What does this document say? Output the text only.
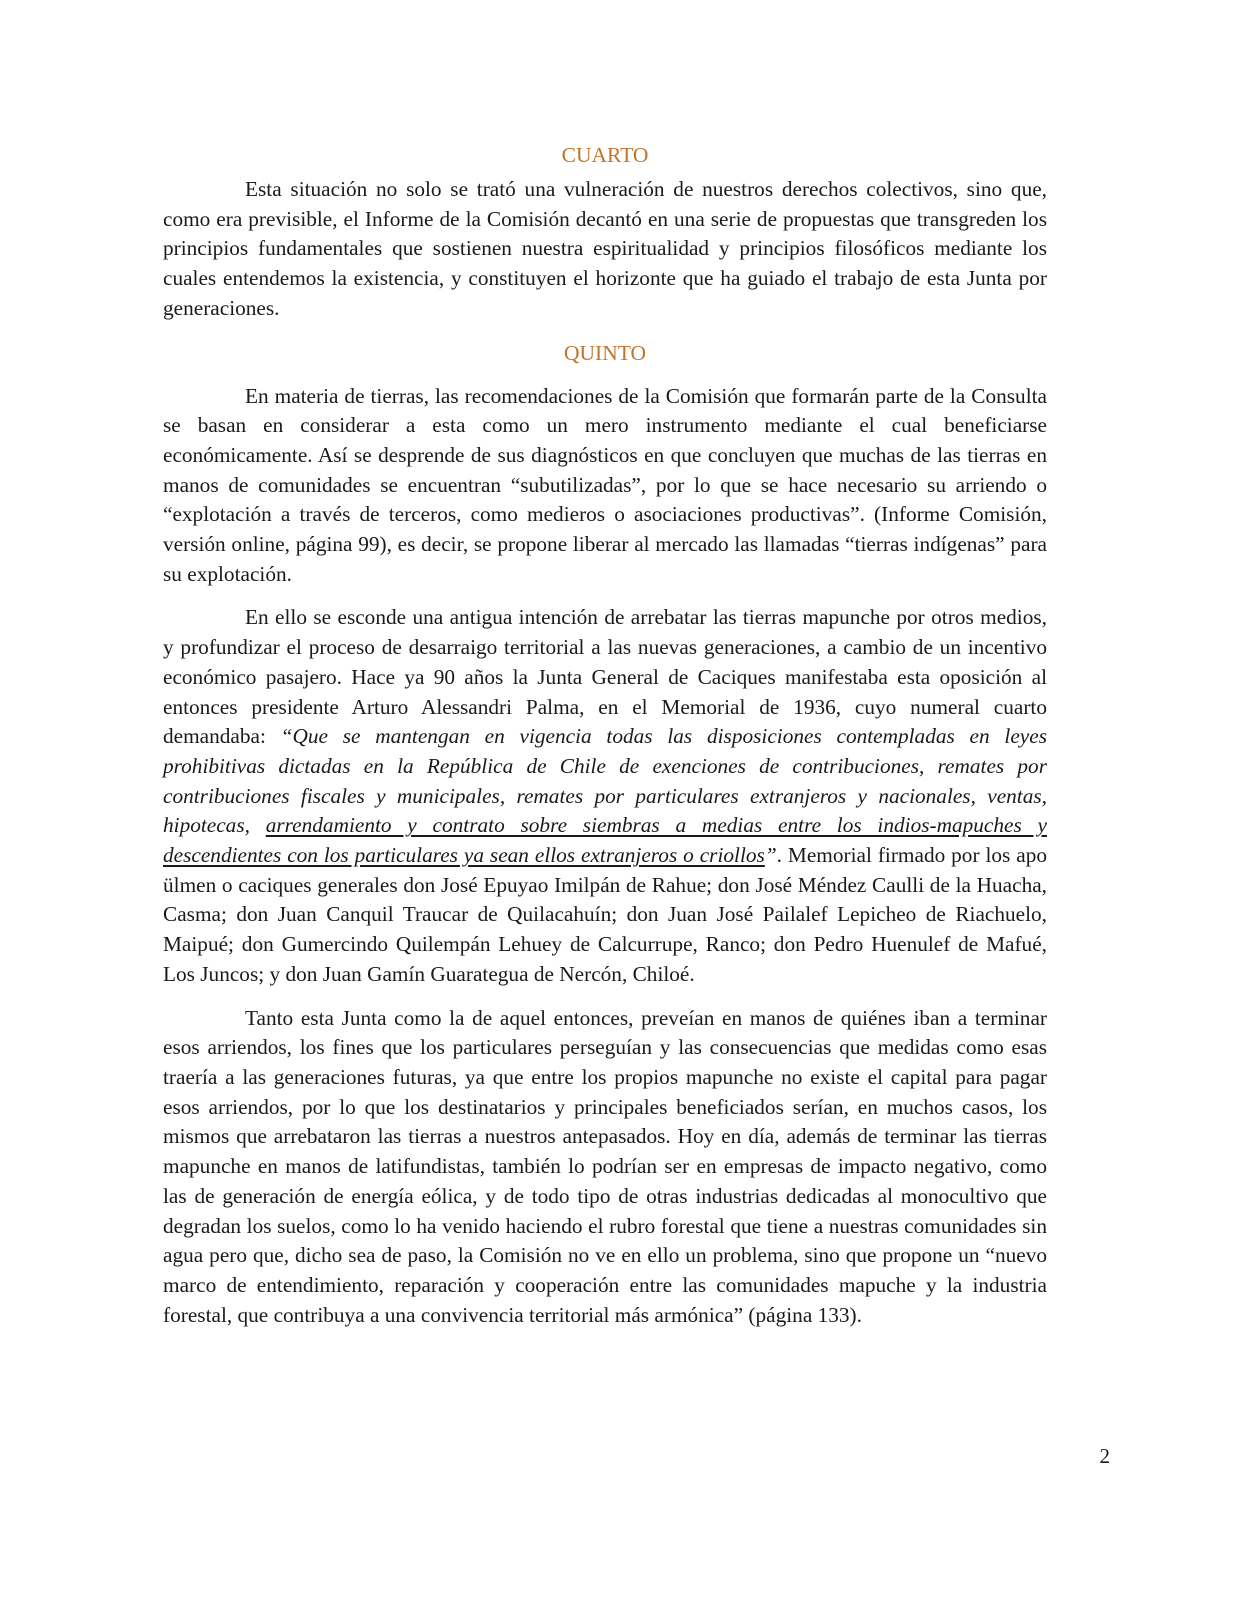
CUARTO

Esta situación no solo se trató una vulneración de nuestros derechos colectivos, sino que, como era previsible, el Informe de la Comisión decantó en una serie de propuestas que transgreden los principios fundamentales que sostienen nuestra espiritualidad y principios filosóficos mediante los cuales entendemos la existencia, y constituyen el horizonte que ha guiado el trabajo de esta Junta por generaciones.

QUINTO

En materia de tierras, las recomendaciones de la Comisión que formarán parte de la Consulta se basan en considerar a esta como un mero instrumento mediante el cual beneficiarse económicamente. Así se desprende de sus diagnósticos en que concluyen que muchas de las tierras en manos de comunidades se encuentran “subutilizadas”, por lo que se hace necesario su arriendo o “explotación a través de terceros, como medieros o asociaciones productivas”. (Informe Comisión, versión online, página 99), es decir, se propone liberar al mercado las llamadas “tierras indígenas” para su explotación.

En ello se esconde una antigua intención de arrebatar las tierras mapunche por otros medios, y profundizar el proceso de desarraigo territorial a las nuevas generaciones, a cambio de un incentivo económico pasajero. Hace ya 90 años la Junta General de Caciques manifestaba esta oposición al entonces presidente Arturo Alessandri Palma, en el Memorial de 1936, cuyo numeral cuarto demandaba: “Que se mantengan en vigencia todas las disposiciones contempladas en leyes prohibitivas dictadas en la República de Chile de exenciones de contribuciones, remates por contribuciones fiscales y municipales, remates por particulares extranjeros y nacionales, ventas, hipotecas, arrendamiento y contrato sobre siembras a medias entre los indios-mapuches y descendientes con los particulares ya sean ellos extranjeros o criollos”. Memorial firmado por los apo ülmen o caciques generales don José Epuyao Imilpán de Rahue; don José Méndez Caulli de la Huacha, Casma; don Juan Canquil Traucar de Quilacahuín; don Juan José Pailalef Lepicheo de Riachuelo, Maipué; don Gumercindo Quilempán Lehuey de Calcurrupe, Ranco; don Pedro Huenulef de Mafué, Los Juncos; y don Juan Gamín Guarategua de Nercón, Chiloé.

Tanto esta Junta como la de aquel entonces, preveían en manos de quiénes iban a terminar esos arriendos, los fines que los particulares perseguían y las consecuencias que medidas como esas traería a las generaciones futuras, ya que entre los propios mapunche no existe el capital para pagar esos arriendos, por lo que los destinatarios y principales beneficiados serían, en muchos casos, los mismos que arrebataron las tierras a nuestros antepasados. Hoy en día, además de terminar las tierras mapunche en manos de latifundistas, también lo podrían ser en empresas de impacto negativo, como las de generación de energía eólica, y de todo tipo de otras industrias dedicadas al monocultivo que degradan los suelos, como lo ha venido haciendo el rubro forestal que tiene a nuestras comunidades sin agua pero que, dicho sea de paso, la Comisión no ve en ello un problema, sino que propone un “nuevo marco de entendimiento, reparación y cooperación entre las comunidades mapuche y la industria forestal, que contribuya a una convivencia territorial más armónica” (página 133).

2
